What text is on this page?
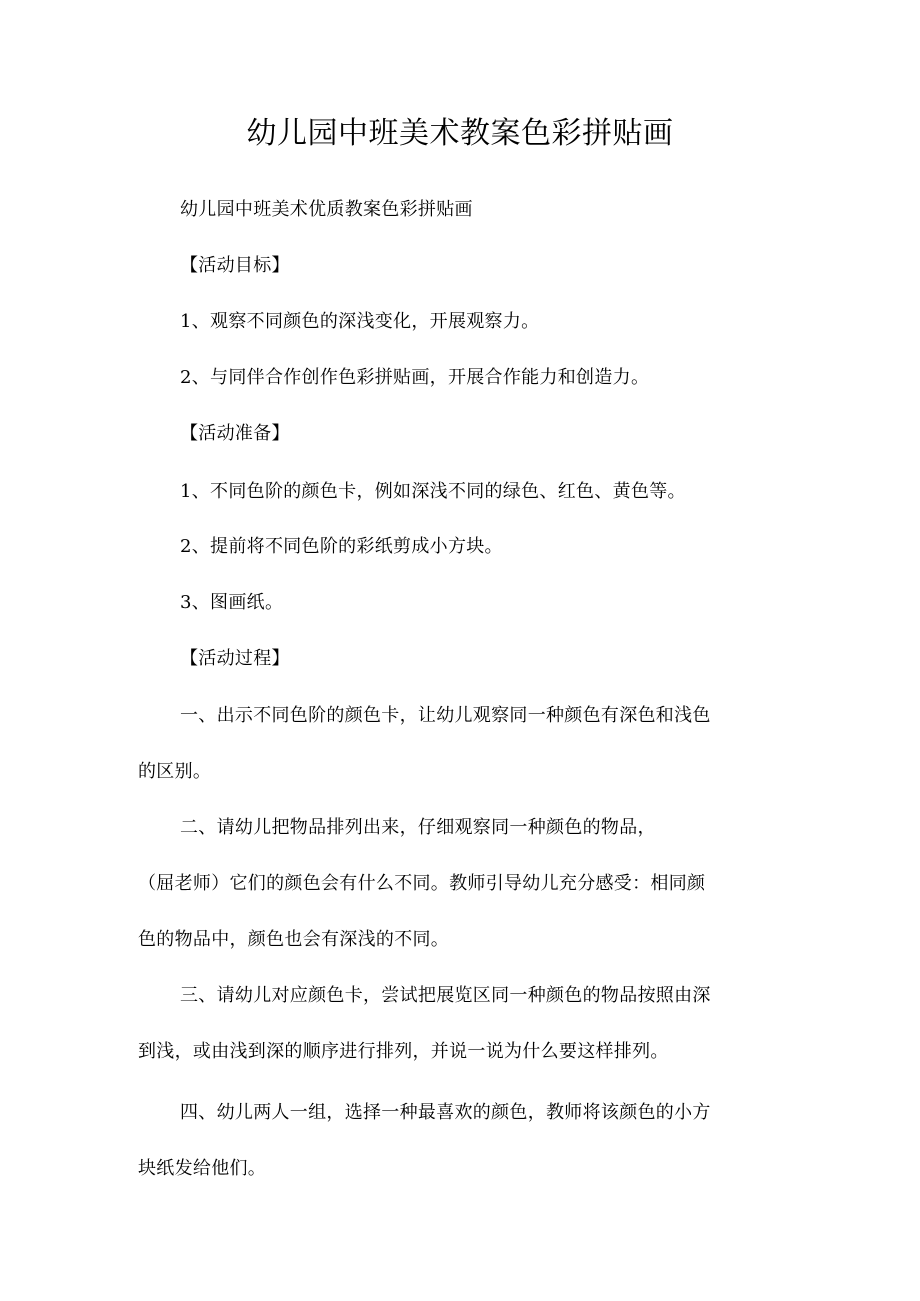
幼儿园中班美术教案色彩拼贴画

幼儿园中班美术优质教案色彩拼贴画

【活动目标】

1、观察不同颜色的深浅变化，开展观察力。

2、与同伴合作创作色彩拼贴画，开展合作能力和创造力。

【活动准备】

1、不同色阶的颜色卡，例如深浅不同的绿色、红色、黄色等。

2、提前将不同色阶的彩纸剪成小方块。

3、图画纸。

【活动过程】

一、出示不同色阶的颜色卡，让幼儿观察同一种颜色有深色和浅色

的区别。

二、请幼儿把物品排列出来，仔细观察同一种颜色的物品，

（屈老师）它们的颜色会有什么不同。教师引导幼儿充分感受：相同颜

色的物品中，颜色也会有深浅的不同。

三、请幼儿对应颜色卡，尝试把展览区同一种颜色的物品按照由深

到浅，或由浅到深的顺序进行排列，并说一说为什么要这样排列。

四、幼儿两人一组，选择一种最喜欢的颜色，教师将该颜色的小方

块纸发给他们。
